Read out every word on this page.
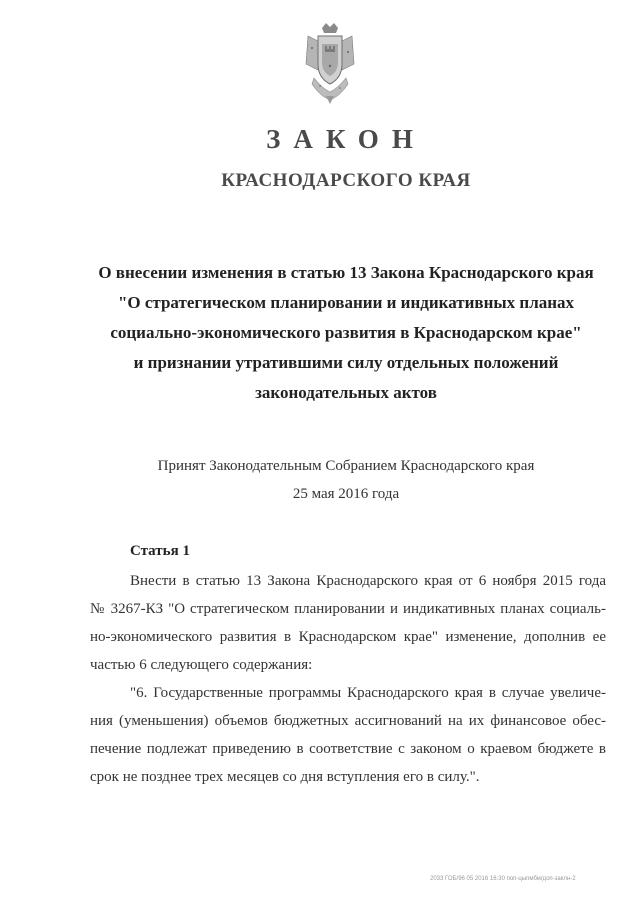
ЗАКОН
КРАСНОДАРСКОГО КРАЯ
О внесении изменения в статью 13 Закона Краснодарского края
"О стратегическом планировании и индикативных планах
социально-экономического развития в Краснодарском крае"
и признании утратившими силу отдельных положений
законодательных актов
Принят Законодательным Собранием Краснодарского края
25 мая 2016 года
Статья 1
Внести в статью 13 Закона Краснодарского края от 6 ноября 2015 года
№ 3267-КЗ "О стратегическом планировании и индикативных планах социаль-
но-экономического развития в Краснодарском крае" изменение, дополнив ее
частью 6 следующего содержания:
"6. Государственные программы Краснодарского края в случае увеличе-
ния (уменьшения) объемов бюджетных ассигнований на их финансовое обес-
печение подлежат приведению в соответствие с законом о краевом бюджете в
срок не позднее трех месяцев со дня вступления его в силу.".
2033 ГОБ/96 05 2016 16:30 поп-цыпмбм/доп-заклн-2
